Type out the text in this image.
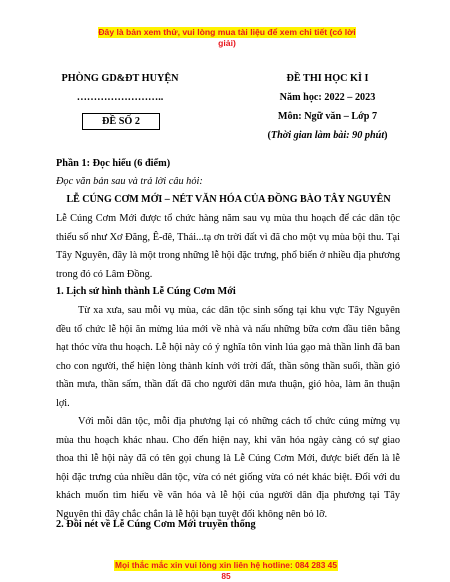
Đây là bản xem thử, vui lòng mua tài liệu để xem chi tiết (có lời giải)
PHÒNG GD&ĐT HUYỆN
……………………..
ĐỀ SỐ 2
ĐỀ THI HỌC KÌ I
Năm học: 2022 – 2023
Môn: Ngữ văn – Lớp 7
(Thời gian làm bài: 90 phút)
Phần 1: Đọc hiểu (6 điểm)
Đọc văn bản sau và trả lời câu hỏi:
LỄ CÚNG CƠM MỚI – NÉT VĂN HÓA CỦA ĐỒNG BÀO TÂY NGUYÊN
Lễ Cúng Cơm Mới được tổ chức hàng năm sau vụ mùa thu hoạch để các dân tộc thiểu số như Xơ Đăng, Ê-đê, Thái...tạ ơn trời đất vì đã cho một vụ mùa bội thu. Tại Tây Nguyên, đây là một trong những lễ hội đặc trưng, phổ biến ở nhiều địa phương trong đó có Lâm Đồng.
1. Lịch sử hình thành Lễ Cúng Cơm Mới
Từ xa xưa, sau mỗi vụ mùa, các dân tộc sinh sống tại khu vực Tây Nguyên đều tổ chức lễ hội ăn mừng lúa mới về nhà và nấu những bữa cơm đầu tiên bằng hạt thóc vừa thu hoạch. Lễ hội này có ý nghĩa tôn vinh lúa gạo mà thần linh đã ban cho con người, thể hiện lòng thành kính với trời đất, thần sông thần suối, thần gió thần mưa, thần sấm, thần đất đã cho người dân mưa thuận, gió hòa, làm ăn thuận lợi.
Với mỗi dân tộc, mỗi địa phương lại có những cách tổ chức cúng mừng vụ mùa thu hoạch khác nhau. Cho đến hiện nay, khi văn hóa ngày càng có sự giao thoa thì lễ hội này đã có tên gọi chung là Lễ Cúng Cơm Mới, được biết đến là lễ hội đặc trưng của nhiều dân tộc, vừa có nét giống vừa có nét khác biệt. Đối với du khách muốn tìm hiểu về văn hóa và lễ hội của người dân địa phương tại Tây Nguyên thì đây chắc chắn là lễ hội bạn tuyệt đối không nên bỏ lỡ.
2. Đôi nét về Lễ Cúng Cơm Mới truyền thống
Mọi thắc mắc xin vui lòng xin liên hệ hotline: 084 283 45 85
